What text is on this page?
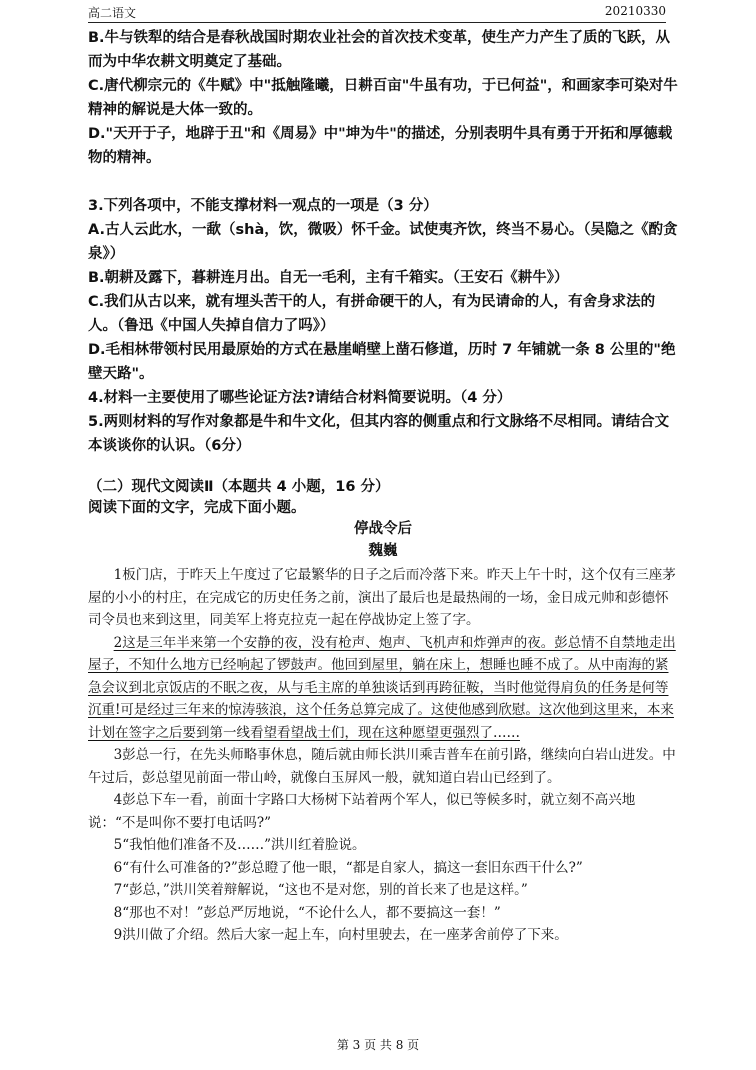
高二语文	20210330

B.牛与铁犁的结合是春秋战国时期农业社会的首次技术变革，使生产力产生了质的飞跃，从而为中华农耕文明奠定了基础。

C.唐代柳宗元的《牛赋》中"抵触隆曦，日耕百亩"牛虽有功，于已何益"，和画家李可染对牛精神的解说是大体一致的。

D."天开于子，地辟于丑"和《周易》中"坤为牛"的描述，分别表明牛具有勇于开拓和厚德载物的精神。

3.下列各项中，不能支撑材料一观点的一项是（3 分）

A.古人云此水，一歃（shà，饮，微吸）怀千金。试使夷齐饮，终当不易心。（吴隐之《酌贪泉》）

B.朝耕及露下，暮耕连月出。自无一毛利，主有千箱实。（王安石《耕牛》）

C.我们从古以来，就有埋头苦干的人，有拼命硬干的人，有为民请命的人，有舍身求法的人。（鲁迅《中国人失掉自信力了吗》）

D.毛相林带领村民用最原始的方式在悬崖峭壁上凿石修道，历时 7 年铺就一条 8 公里的"绝壁天路"。

4.材料一主要使用了哪些论证方法?请结合材料简要说明。（4 分）

5.两则材料的写作对象都是牛和牛文化，但其内容的侧重点和行文脉络不尽相同。请结合文本谈谈你的认识。（6分）

（二）现代文阅读Ⅱ（本题共 4 小题，16 分）
阅读下面的文字，完成下面小题。
停战令后
魏巍

1板门店，于昨天上午度过了它最繁华的日子之后而冷落下来。昨天上午十时，这个仅有三座茅屋的小小的村庄，在完成它的历史任务之前，演出了最后也是最热闹的一场，金日成元帅和彭德怀司令员也来到这里，同美军上将克拉克一起在停战协定上签了字。

2这是三年半来第一个安静的夜，没有枪声、炮声、飞机声和炸弹声的夜。彭总情不自禁地走出屋子，不知什么地方已经响起了锣鼓声。他回到屋里，躺在床上，想睡也睡不成了。从中南海的紧急会议到北京饭店的不眠之夜，从与毛主席的单独谈话到再跨征鞍，当时他觉得肩负的任务是何等沉重!可是经过三年来的惊涛骇浪，这个任务总算完成了。这使他感到欣慰。这次他到这里来，本来计划在签字之后要到第一线看望看望战士们，现在这种愿望更强烈了……

3彭总一行，在先头师略事休息，随后就由师长洪川乘吉普车在前引路，继续向白岩山进发。中午过后，彭总望见前面一带山岭，就像白玉屏风一般，就知道白岩山已经到了。

4彭总下车一看，前面十字路口大杨树下站着两个军人，似已等候多时，就立刻不高兴地说：“不是叫你不要打电话吗?”

5“我怕他们准备不及……”洪川红着脸说。

6“有什么可准备的?”彭总瞪了他一眼，“都是自家人，搞这一套旧东西干什么?”

7“彭总，”洪川笑着辩解说，“这也不是对您，别的首长来了也是这样。”

8“那也不对！”彭总严厉地说，“不论什么人，都不要搞这一套！”

9洪川做了介绍。然后大家一起上车，向村里驶去，在一座茅舍前停了下来。

第 3 页 共 8 页
